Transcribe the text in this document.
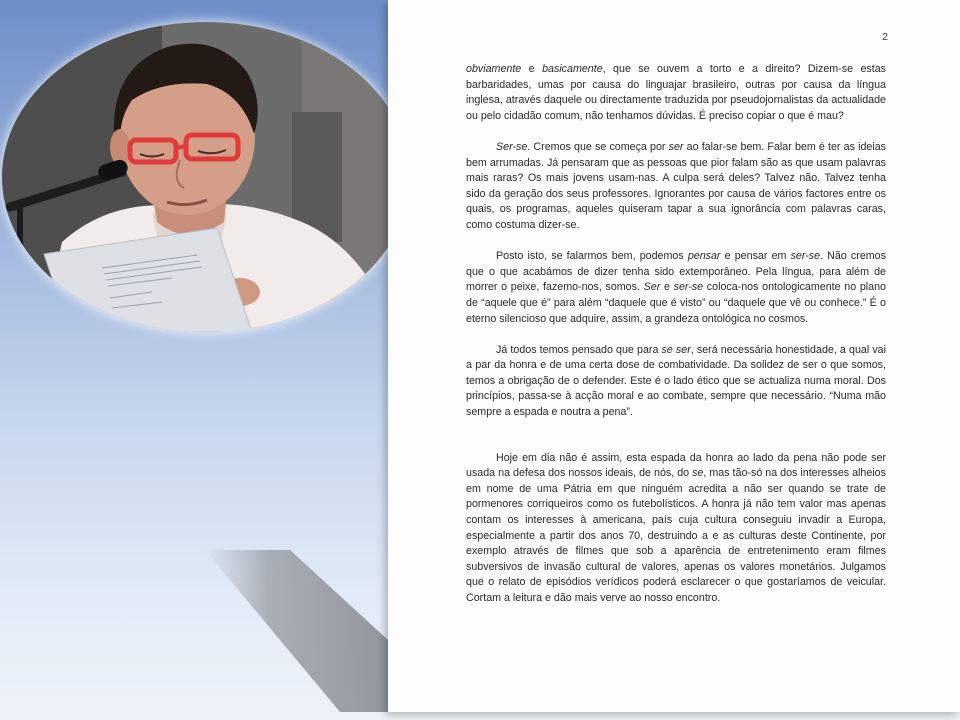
2

obviamente e basicamente, que se ouvem a torto e a direito? Dizem-se estas barbaridades, umas por causa do linguajar brasileiro, outras por causa da língua inglesa, através daquele ou directamente traduzida por pseudojornalistas da actualidade ou pelo cidadão comum, não tenhamos dúvidas. É preciso copiar o que é mau?

Ser-se. Cremos que se começa por ser ao falar-se bem. Falar bem é ter as ideias bem arrumadas. Já pensaram que as pessoas que pior falam são as que usam palavras mais raras? Os mais jovens usam-nas. A culpa será deles? Talvez não. Talvez tenha sido da geração dos seus professores. Ignorantes por causa de vários factores entre os quais, os programas, aqueles quiseram tapar a sua ignorância com palavras caras, como costuma dizer-se.

Posto isto, se falarmos bem, podemos pensar e pensar em ser-se. Não cremos que o que acabámos de dizer tenha sido extemporâneo. Pela língua, para além de morrer o peixe, fazemo-nos, somos. Ser e ser-se coloca-nos ontologicamente no plano de “aquele que é” para além “daquele que é visto” ou “daquele que vê ou conhece.” É o eterno silencioso que adquire, assim, a grandeza ontológica no cosmos.

Já todos temos pensado que para se ser, será necessária honestidade, a qual vai a par da honra e de uma certa dose de combatividade. Da solidez de ser o que somos, temos a obrigação de o defender. Este é o lado ético que se actualiza numa moral. Dos princípios, passa-se à acção moral e ao combate, sempre que necessário. “Numa mão sempre a espada e noutra a pena”.

Hoje em dia não é assim, esta espada da honra ao lado da pena não pode ser usada na defesa dos nossos ideais, de nós, do se, mas tão-só na dos interesses alheios em nome de uma Pátria em que ninguém acredita a não ser quando se trate de pormenores corriqueiros como os futebolísticos. A honra já não tem valor mas apenas contam os interesses à americana, país cuja cultura conseguiu invadir a Europa, especialmente a partir dos anos 70, destruindo a e as culturas deste Continente, por exemplo através de filmes que sob a aparência de entretenimento eram filmes subversivos de invasão cultural de valores, apenas os valores monetários. Julgamos que o relato de episódios verídicos poderá esclarecer o que gostaríamos de veicular. Cortam a leitura e dão mais verve ao nosso encontro.
